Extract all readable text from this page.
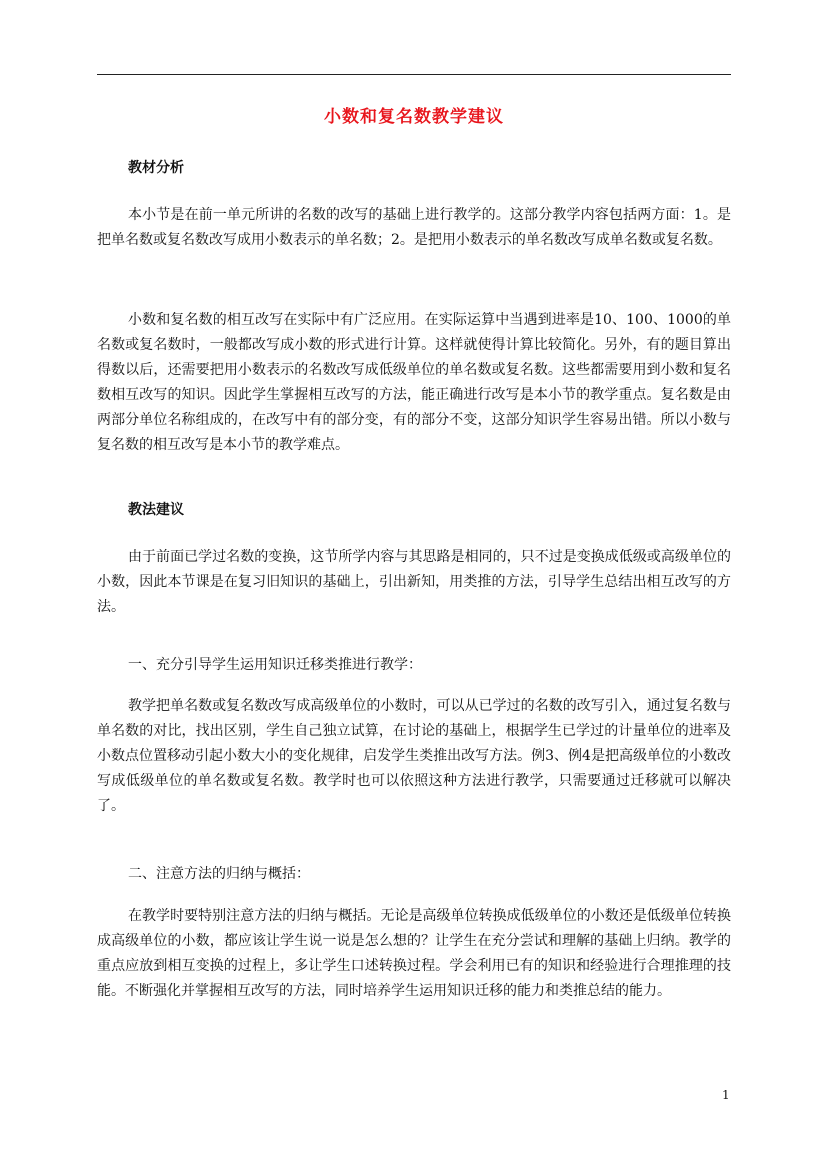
小数和复名数教学建议
教材分析
本小节是在前一单元所讲的名数的改写的基础上进行教学的。这部分教学内容包括两方面：1。是把单名数或复名数改写成用小数表示的单名数；2。是把用小数表示的单名数改写成单名数或复名数。
小数和复名数的相互改写在实际中有广泛应用。在实际运算中当遇到进率是10、100、1000的单名数或复名数时，一般都改写成小数的形式进行计算。这样就使得计算比较简化。另外，有的题目算出得数以后，还需要把用小数表示的名数改写成低级单位的单名数或复名数。这些都需要用到小数和复名数相互改写的知识。因此学生掌握相互改写的方法，能正确进行改写是本小节的教学重点。复名数是由两部分单位名称组成的，在改写中有的部分变，有的部分不变，这部分知识学生容易出错。所以小数与复名数的相互改写是本小节的教学难点。
教法建议
由于前面已学过名数的变换，这节所学内容与其思路是相同的，只不过是变换成低级或高级单位的小数，因此本节课是在复习旧知识的基础上，引出新知，用类推的方法，引导学生总结出相互改写的方法。
一、充分引导学生运用知识迁移类推进行教学：
教学把单名数或复名数改写成高级单位的小数时，可以从已学过的名数的改写引入，通过复名数与单名数的对比，找出区别，学生自己独立试算，在讨论的基础上，根据学生已学过的计量单位的进率及小数点位置移动引起小数大小的变化规律，启发学生类推出改写方法。例3、例4是把高级单位的小数改写成低级单位的单名数或复名数。教学时也可以依照这种方法进行教学，只需要通过迁移就可以解决了。
二、注意方法的归纳与概括：
在教学时要特别注意方法的归纳与概括。无论是高级单位转换成低级单位的小数还是低级单位转换成高级单位的小数，都应该让学生说一说是怎么想的？让学生在充分尝试和理解的基础上归纳。教学的重点应放到相互变换的过程上，多让学生口述转换过程。学会利用已有的知识和经验进行合理推理的技能。不断强化并掌握相互改写的方法，同时培养学生运用知识迁移的能力和类推总结的能力。
1
